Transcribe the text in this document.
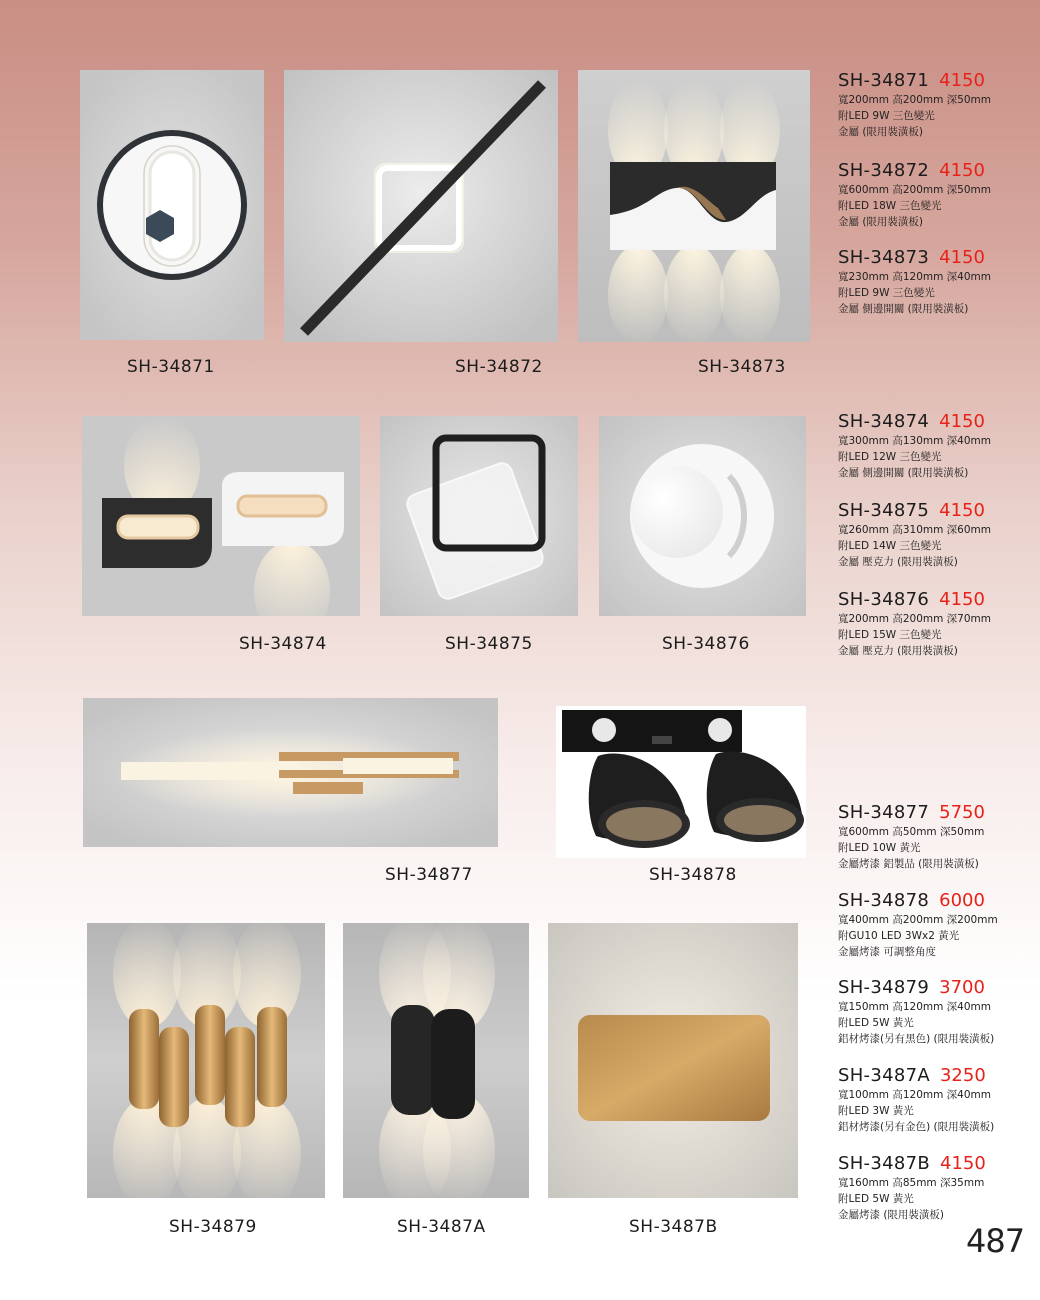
SH-34871	SH-34872	SH-34873
SH-34874	SH-34875	SH-34876
SH-34877	SH-34878
SH-34879	SH-3487A	SH-3487B
SH-34871 4150
寬200mm 高200mm 深50mm
附LED 9W 三色變光
金屬 (限用裝潢板)
SH-34872 4150
寬600mm 高200mm 深50mm
附LED 18W 三色變光
金屬 (限用裝潢板)
SH-34873 4150
寬230mm 高120mm 深40mm
附LED 9W 三色變光
金屬 側邊開關 (限用裝潢板)
SH-34874 4150
寬300mm 高130mm 深40mm
附LED 12W 三色變光
金屬 側邊開關 (限用裝潢板)
SH-34875 4150
寬260mm 高310mm 深60mm
附LED 14W 三色變光
金屬 壓克力 (限用裝潢板)
SH-34876 4150
寬200mm 高200mm 深70mm
附LED 15W 三色變光
金屬 壓克力 (限用裝潢板)
SH-34877 5750
寬600mm 高50mm 深50mm
附LED 10W 黃光
金屬烤漆 鋁製品 (限用裝潢板)
SH-34878 6000
寬400mm 高200mm 深200mm
附GU10 LED 3Wx2 黃光
金屬烤漆 可調整角度
SH-34879 3700
寬150mm 高120mm 深40mm
附LED 5W 黃光
鋁材烤漆(另有黑色) (限用裝潢板)
SH-3487A 3250
寬100mm 高120mm 深40mm
附LED 3W 黃光
鋁材烤漆(另有金色) (限用裝潢板)
SH-3487B 4150
寬160mm 高85mm 深35mm
附LED 5W 黃光
金屬烤漆 (限用裝潢板)
487
